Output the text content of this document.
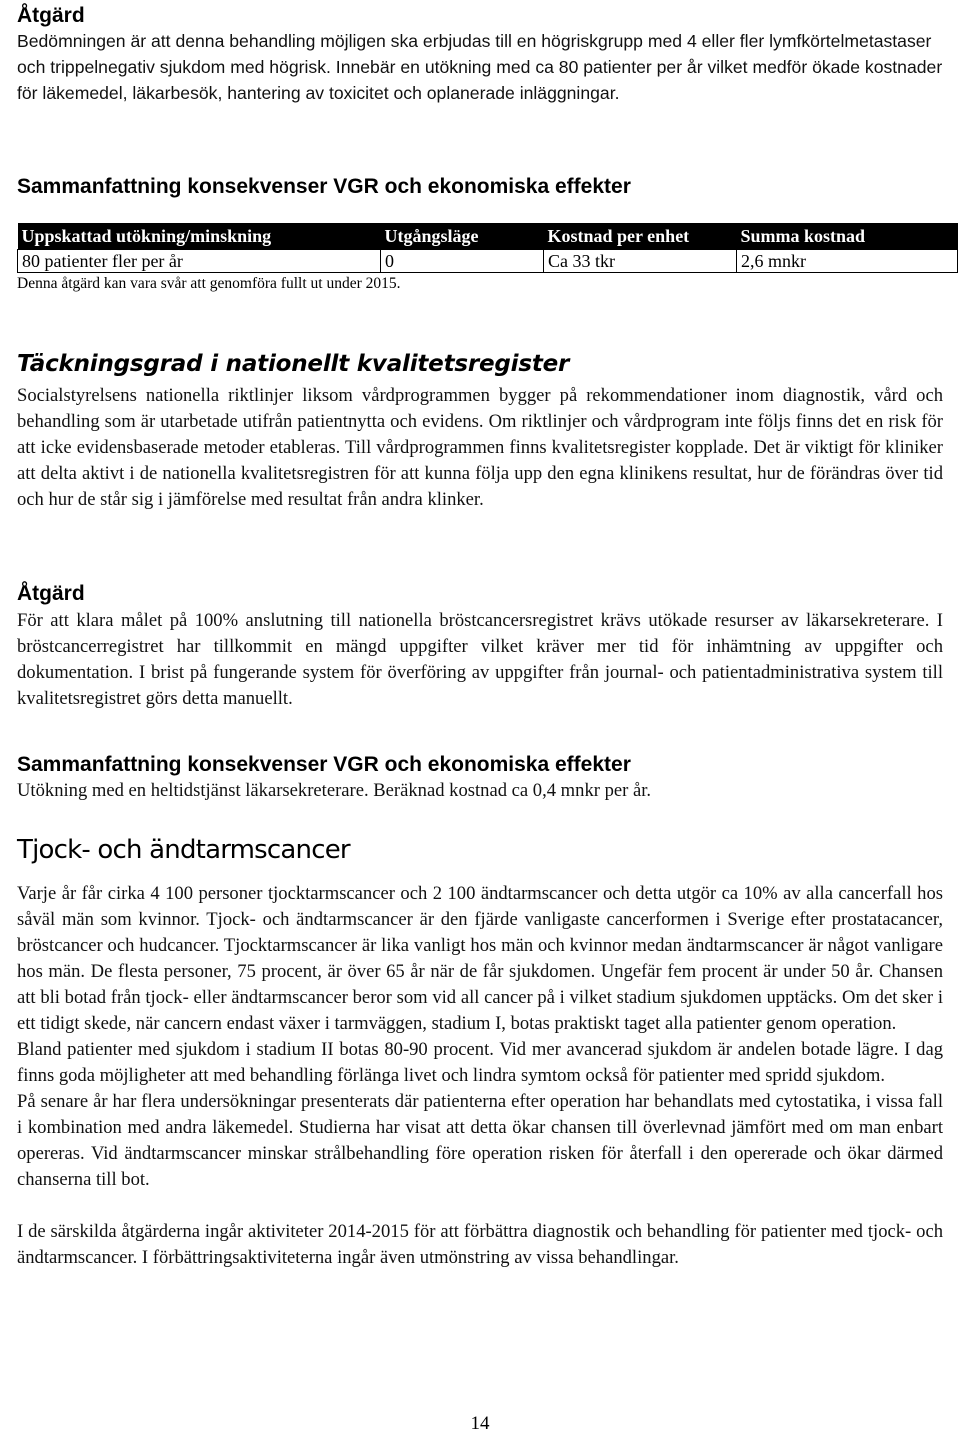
Åtgärd

Bedömningen är att denna behandling möjligen ska erbjudas till en högriskgrupp med 4 eller fler lymfkörtelmetastaser och trippelnegativ sjukdom med högrisk. Innebär en utökning med ca 80 patienter per år vilket medför ökade kostnader för läkemedel, läkarbesök, hantering av toxicitet och oplanerade inläggningar.

Sammanfattning konsekvenser VGR och ekonomiska effekter
Uppskattad utökning/minskning	Utgångsläge	Kostnad per enhet	Summa kostnad
80 patienter fler per år	0	Ca 33 tkr	2,6 mnkr

Denna åtgärd kan vara svår att genomföra fullt ut under 2015.

Täckningsgrad i nationellt kvalitetsregister

Socialstyrelsens nationella riktlinjer liksom vårdprogrammen bygger på rekommendationer inom diagnostik, vård och behandling som är utarbetade utifrån patientnytta och evidens. Om riktlinjer och vårdprogram inte följs finns det en risk för att icke evidensbaserade metoder etableras. Till vårdprogrammen finns kvalitetsregister kopplade. Det är viktigt för kliniker att delta aktivt i de nationella kvalitetsregistren för att kunna följa upp den egna klinikens resultat, hur de förändras över tid och hur de står sig i jämförelse med resultat från andra klinker.

Åtgärd

För att klara målet på 100% anslutning till nationella bröstcancersregistret krävs utökade resurser av läkarsekreterare. I bröstcancerregistret har tillkommit en mängd uppgifter vilket kräver mer tid för inhämtning av uppgifter och dokumentation. I brist på fungerande system för överföring av uppgifter från journal- och patientadministrativa system till kvalitetsregistret görs detta manuellt.

Sammanfattning konsekvenser VGR och ekonomiska effekter

Utökning med en heltidstjänst läkarsekreterare. Beräknad kostnad ca 0,4 mnkr per år.

Tjock- och ändtarmscancer

Varje år får cirka 4 100 personer tjocktarmscancer och 2 100 ändtarmscancer och detta utgör ca 10% av alla cancerfall hos såväl män som kvinnor. Tjock- och ändtarmscancer är den fjärde vanligaste cancerformen i Sverige efter prostatacancer, bröstcancer och hudcancer. Tjocktarmscancer är lika vanligt hos män och kvinnor medan ändtarmscancer är något vanligare hos män. De flesta personer, 75 procent, är över 65 år när de får sjukdomen. Ungefär fem procent är under 50 år. Chansen att bli botad från tjock- eller ändtarmscancer beror som vid all cancer på i vilket stadium sjukdomen upptäcks. Om det sker i ett tidigt skede, när cancern endast växer i tarmväggen, stadium I, botas praktiskt taget alla patienter genom operation.

Bland patienter med sjukdom i stadium II botas 80-90 procent. Vid mer avancerad sjukdom är andelen botade lägre. I dag finns goda möjligheter att med behandling förlänga livet och lindra symtom också för patienter med spridd sjukdom.

På senare år har flera undersökningar presenterats där patienterna efter operation har behandlats med cytostatika, i vissa fall i kombination med andra läkemedel. Studierna har visat att detta ökar chansen till överlevnad jämfört med om man enbart opereras. Vid ändtarmscancer minskar strålbehandling före operation risken för återfall i den opererade och ökar därmed chanserna till bot.

I de särskilda åtgärderna ingår aktiviteter 2014-2015 för att förbättra diagnostik och behandling för patienter med tjock- och ändtarmscancer. I förbättringsaktiviteterna ingår även utmönstring av vissa behandlingar.

14
